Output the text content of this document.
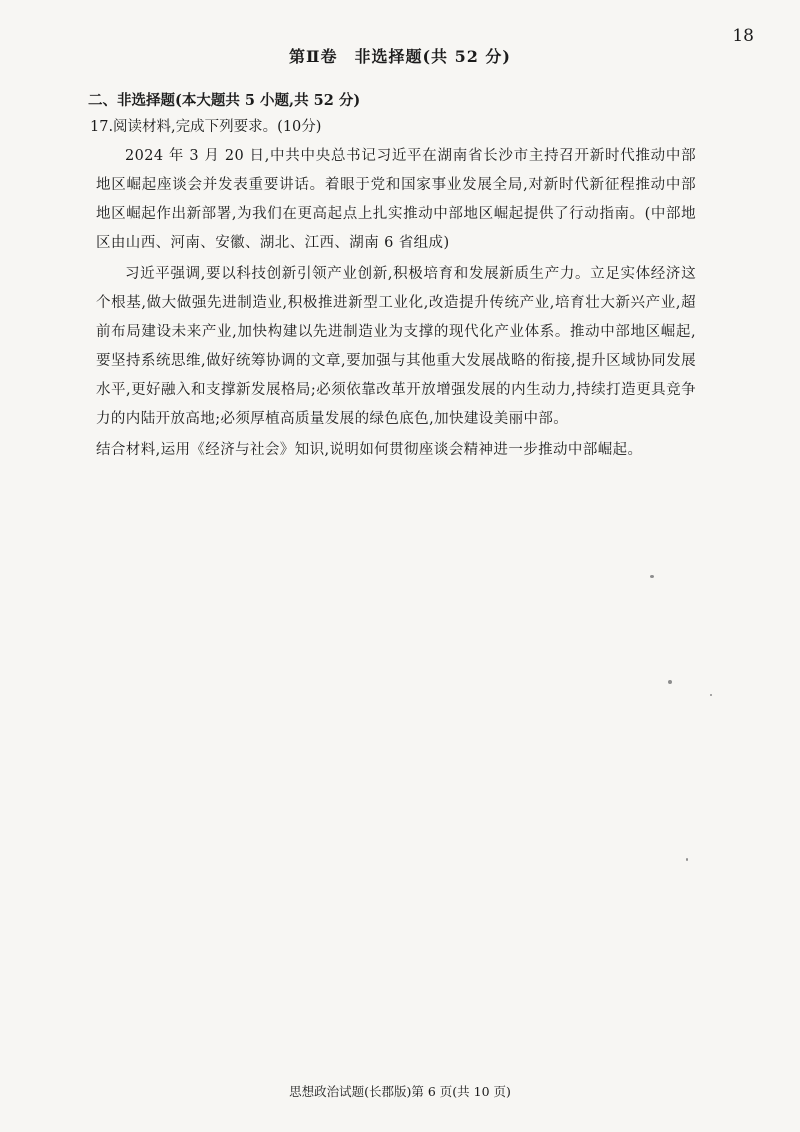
18
第Ⅱ卷　非选择题(共 52 分)
二、非选择题(本大题共 5 小题,共 52 分)
17.阅读材料,完成下列要求。(10分)

2024 年 3 月 20 日,中共中央总书记习近平在湖南省长沙市主持召开新时代推动中部地区崛起座谈会并发表重要讲话。着眼于党和国家事业发展全局,对新时代新征程推动中部地区崛起作出新部署,为我们在更高起点上扎实推动中部地区崛起提供了行动指南。(中部地区由山西、河南、安徽、湖北、江西、湖南 6 省组成)

习近平强调,要以科技创新引领产业创新,积极培育和发展新质生产力。立足实体经济这个根基,做大做强先进制造业,积极推进新型工业化,改造提升传统产业,培育壮大新兴产业,超前布局建设未来产业,加快构建以先进制造业为支撑的现代化产业体系。推动中部地区崛起,要坚持系统思维,做好统筹协调的文章,要加强与其他重大发展战略的衔接,提升区域协同发展水平,更好融入和支撑新发展格局;必须依靠改革开放增强发展的内生动力,持续打造更具竞争力的内陆开放高地;必须厚植高质量发展的绿色底色,加快建设美丽中部。

结合材料,运用《经济与社会》知识,说明如何贯彻座谈会精神进一步推动中部崛起。

思想政治试题(长郡版)第 6 页(共 10 页)
